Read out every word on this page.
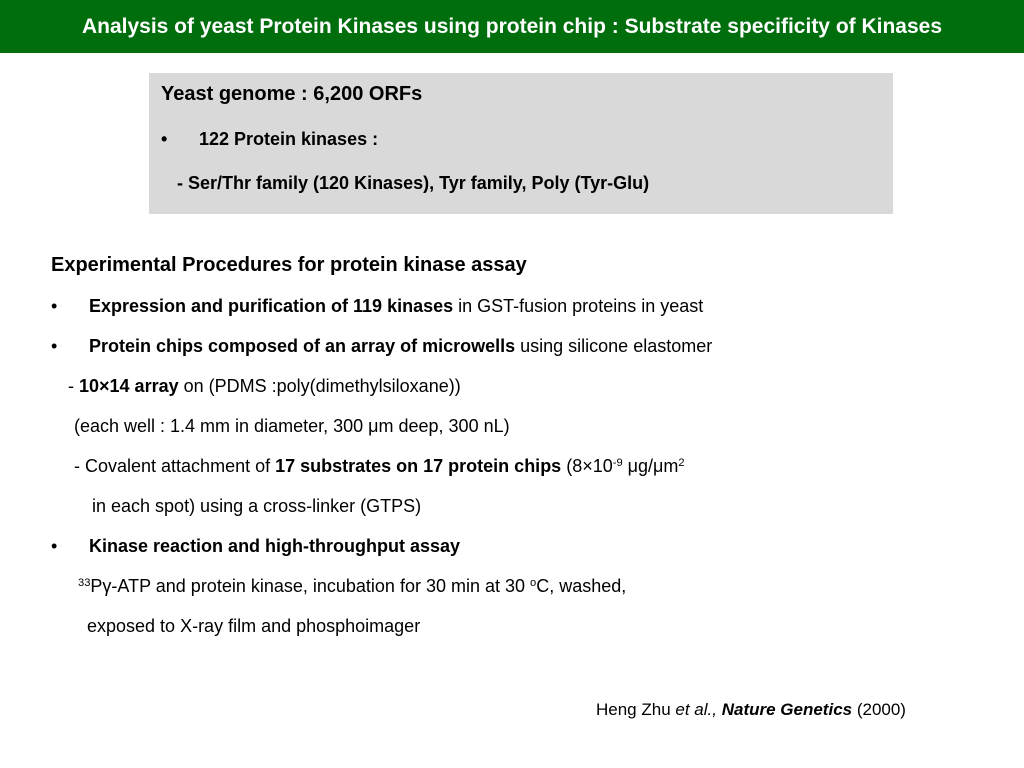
Analysis of yeast Protein Kinases using protein chip : Substrate specificity of Kinases
Yeast genome : 6,200 ORFs
• 122 Protein kinases :
- Ser/Thr family (120 Kinases), Tyr family, Poly (Tyr-Glu)
Experimental Procedures for protein kinase assay
• Expression and purification of 119 kinases in GST-fusion proteins in yeast
• Protein chips composed of an array of microwells using silicone elastomer
- 10×14 array on (PDMS :poly(dimethylsiloxane))
(each well : 1.4 mm in diameter, 300 μm deep, 300 nL)
- Covalent attachment of 17 substrates on 17 protein chips ($8\times 10^{-9}$ $\mu g/\mu m^2$
in each spot) using a cross-linker (GTPS)
• Kinase reaction and high-throughput assay
$^{33}$Pγ-ATP and protein kinase, incubation for 30 min at 30 $^o$C, washed,
exposed to X-ray film and phosphoimager
Heng Zhu et al., Nature Genetics (2000)
